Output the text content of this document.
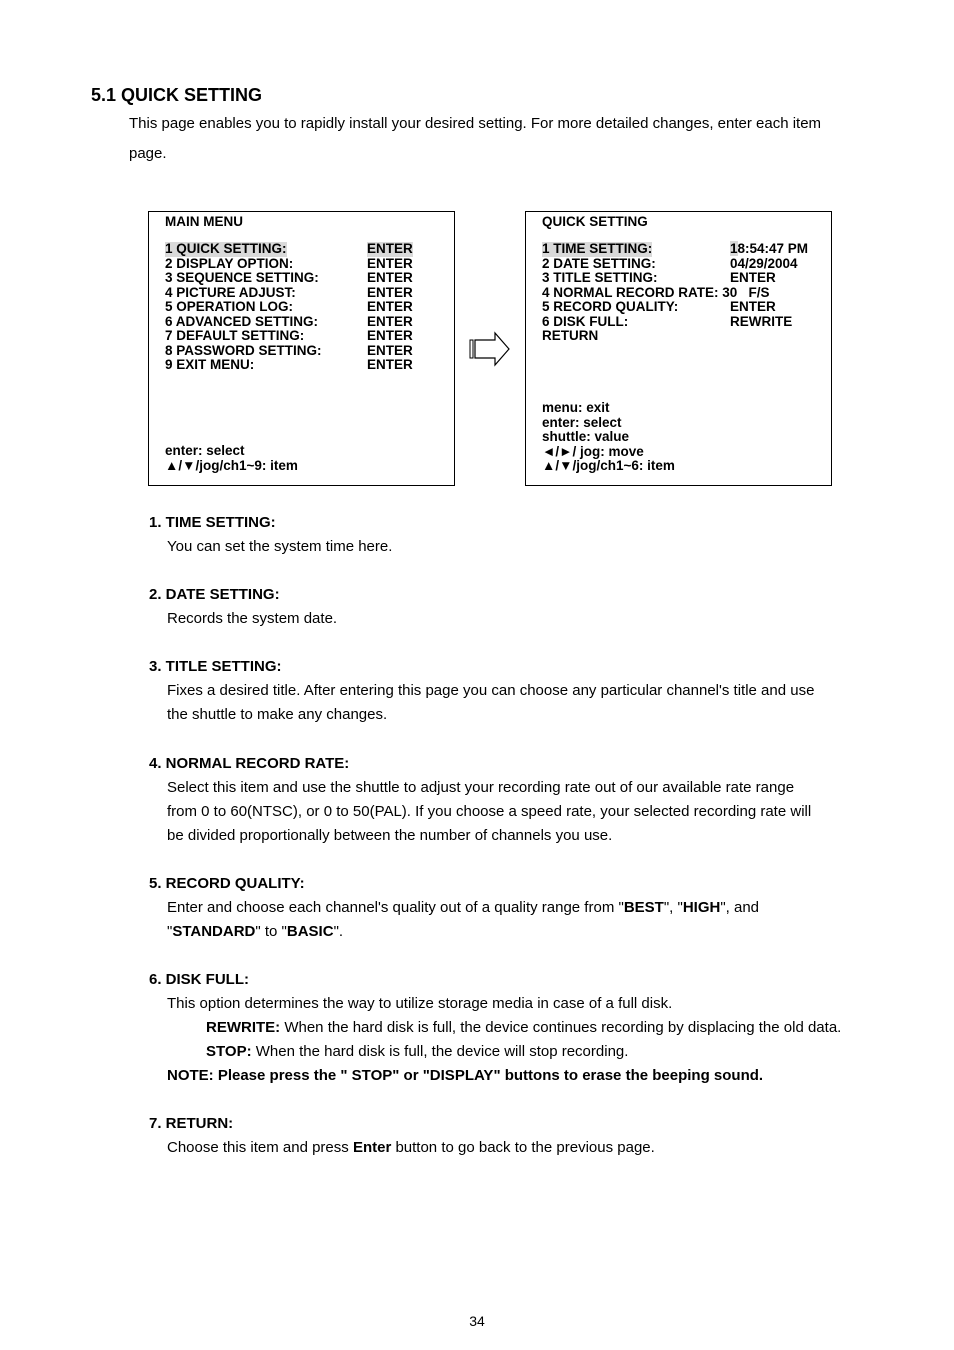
5.1 QUICK SETTING
This page enables you to rapidly install your desired setting. For more detailed changes, enter each item
page.
MAIN MENU
1 QUICK SETTING:	ENTER
2 DISPLAY OPTION:	ENTER
3 SEQUENCE SETTING:	ENTER
4 PICTURE ADJUST:	ENTER
5 OPERATION LOG:	ENTER
6 ADVANCED SETTING:	ENTER
7 DEFAULT SETTING:	ENTER
8 PASSWORD SETTING:	ENTER
9 EXIT MENU:	ENTER
enter: select
▲/▼/jog/ch1~9: item
QUICK SETTING
1 TIME SETTING:	18:54:47 PM
2 DATE SETTING:	04/29/2004
3 TITLE SETTING:	ENTER
4 NORMAL RECORD RATE: 30   F/S
5 RECORD QUALITY:	ENTER
6 DISK FULL:	REWRITE
RETURN
menu: exit
enter: select
shuttle: value
◄/►/ jog: move
▲/▼/jog/ch1~6: item
1. TIME SETTING:

You can set the system time here.

2. DATE SETTING:

Records the system date.

3. TITLE SETTING:

Fixes a desired title. After entering this page you can choose any particular channel's title and use

the shuttle to make any changes.

4. NORMAL RECORD RATE:

Select this item and use the shuttle to adjust your recording rate out of our available rate range

from 0 to 60(NTSC), or 0 to 50(PAL). If you choose a speed rate, your selected recording rate will

be divided proportionally between the number of channels you use.

5. RECORD QUALITY:

Enter and choose each channel's quality out of a quality range from "BEST", "HIGH", and

"STANDARD" to "BASIC".

6. DISK FULL:

This option determines the way to utilize storage media in case of a full disk.

REWRITE: When the hard disk is full, the device continues recording by displacing the old data.
STOP: When the hard disk is full, the device will stop recording.
NOTE: Please press the " STOP" or "DISPLAY" buttons to erase the beeping sound.
7. RETURN:

Choose this item and press Enter button to go back to the previous page.

34
